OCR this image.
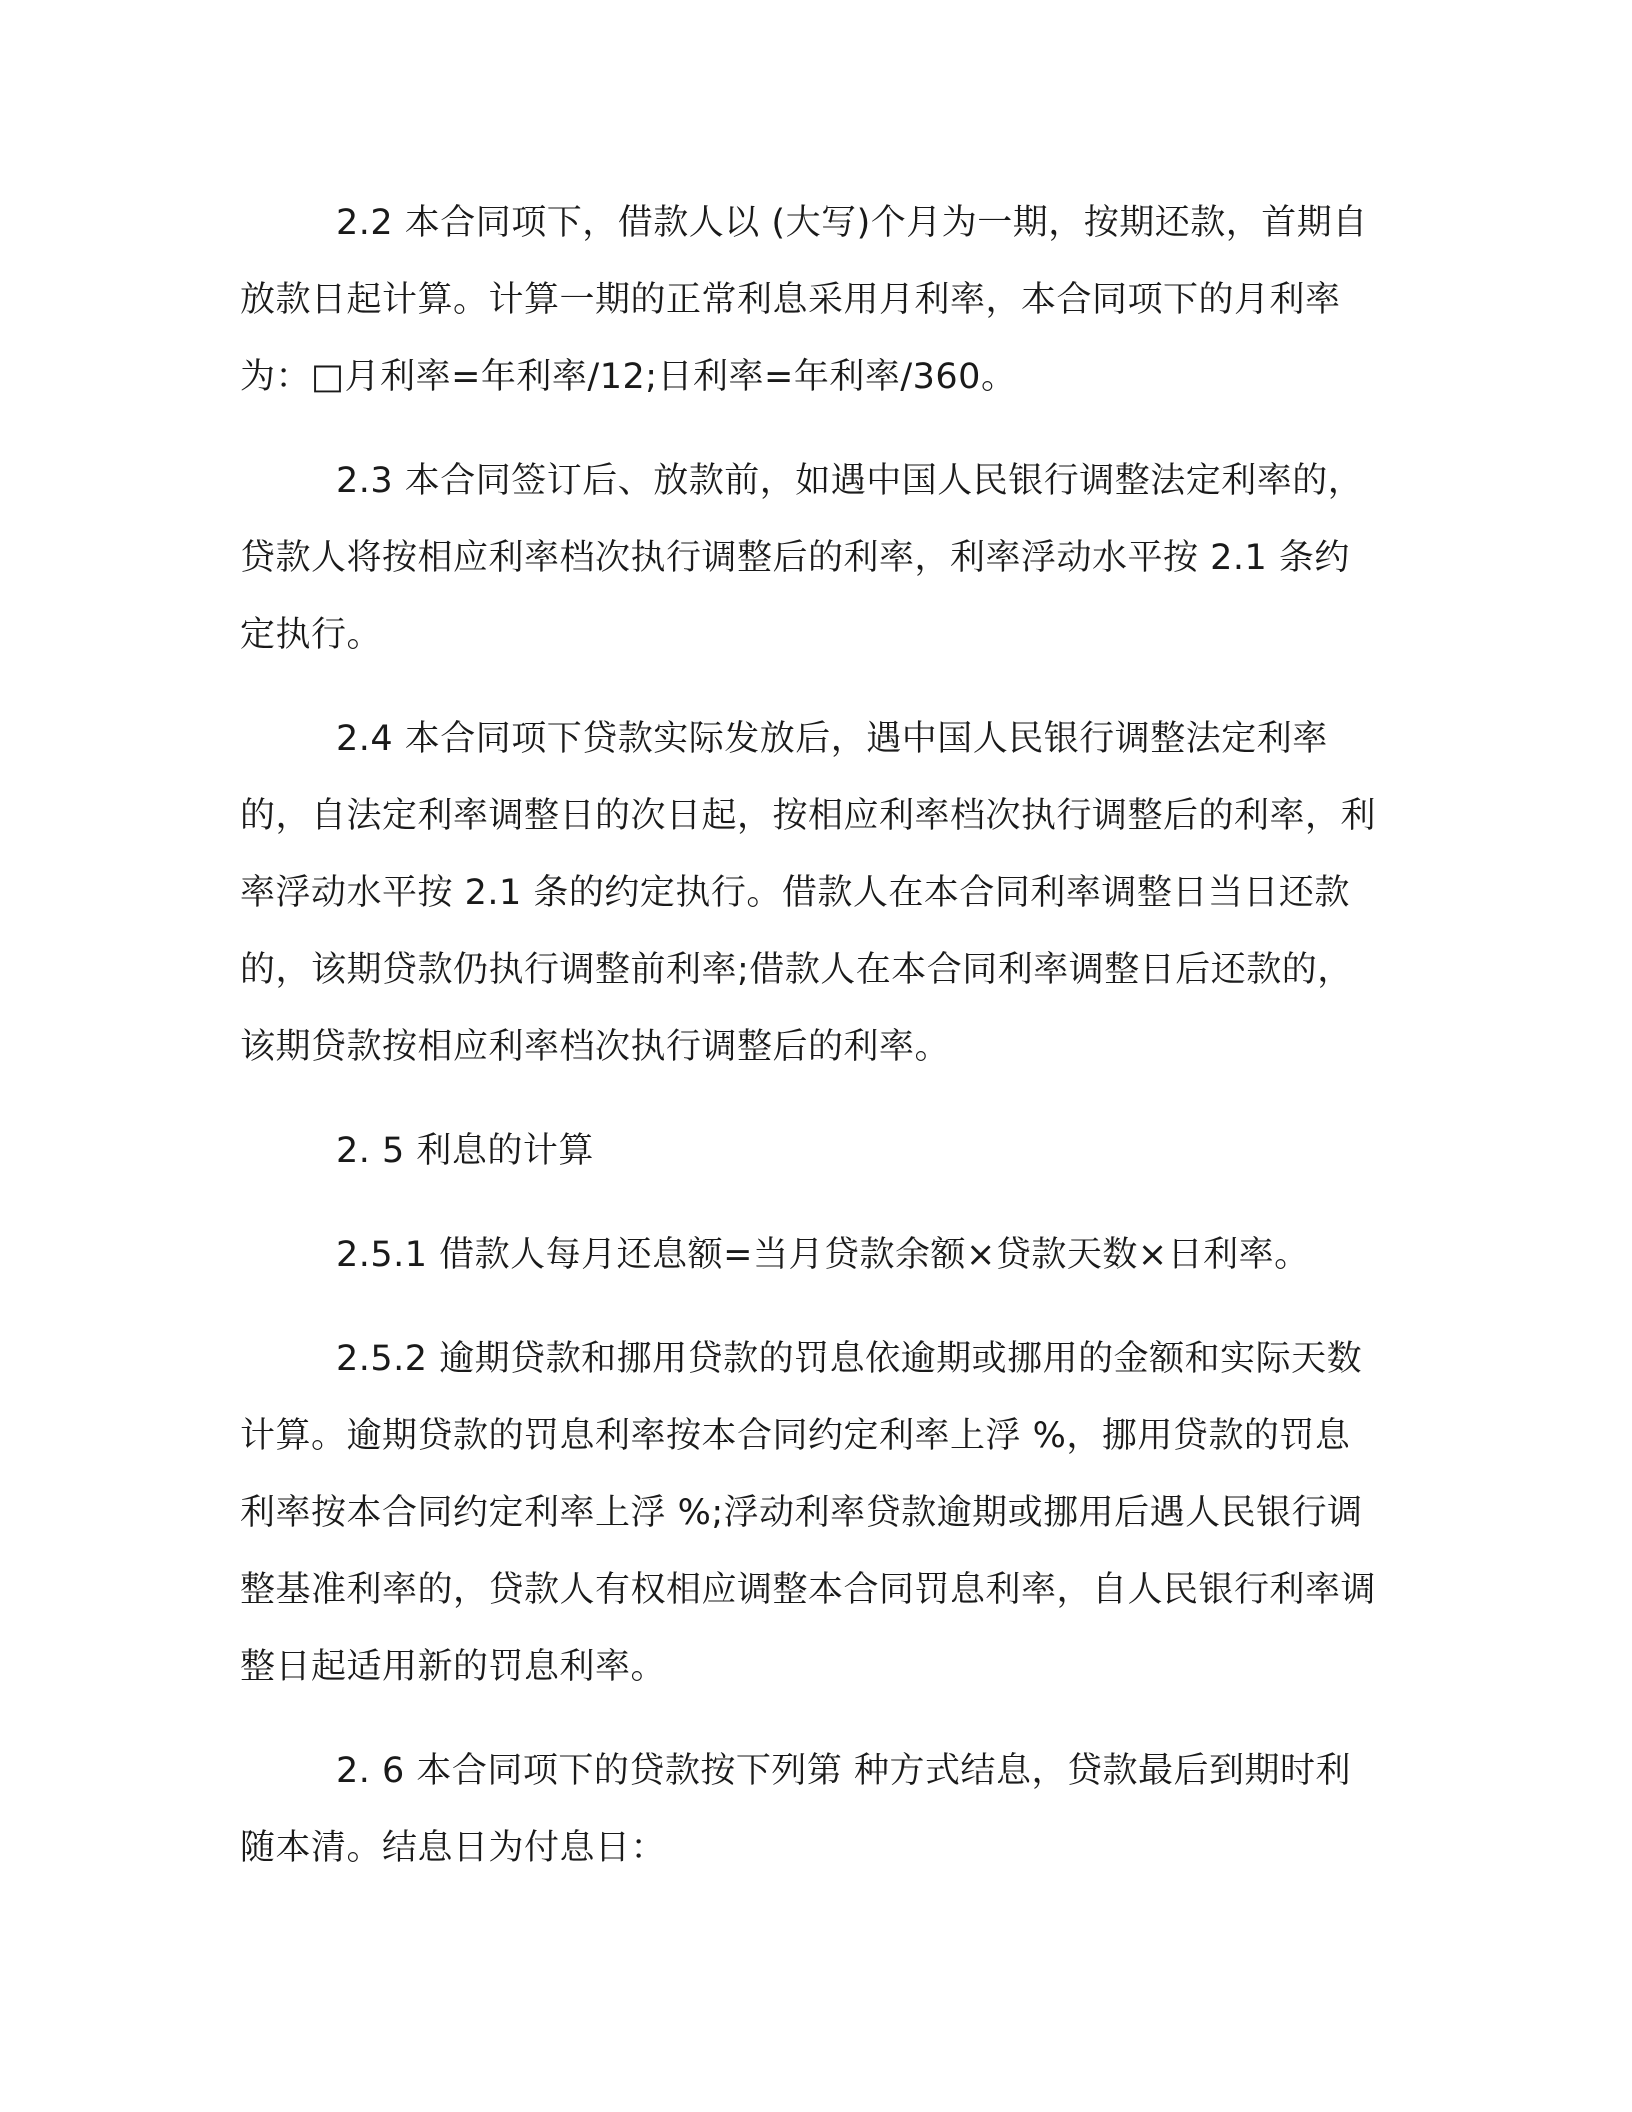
2.2 本合同项下，借款人以 (大写)个月为一期，按期还款，首期自放款日起计算。计算一期的正常利息采用月利率，本合同项下的月利率为：□月利率=年利率/12;日利率=年利率/360。

2.3 本合同签订后、放款前，如遇中国人民银行调整法定利率的，贷款人将按相应利率档次执行调整后的利率，利率浮动水平按 2.1 条约定执行。

2.4 本合同项下贷款实际发放后，遇中国人民银行调整法定利率的，自法定利率调整日的次日起，按相应利率档次执行调整后的利率，利率浮动水平按 2.1 条的约定执行。借款人在本合同利率调整日当日还款的，该期贷款仍执行调整前利率;借款人在本合同利率调整日后还款的，该期贷款按相应利率档次执行调整后的利率。

2. 5 利息的计算

2.5.1 借款人每月还息额=当月贷款余额×贷款天数×日利率。

2.5.2 逾期贷款和挪用贷款的罚息依逾期或挪用的金额和实际天数计算。逾期贷款的罚息利率按本合同约定利率上浮 %，挪用贷款的罚息利率按本合同约定利率上浮 %;浮动利率贷款逾期或挪用后遇人民银行调整基准利率的，贷款人有权相应调整本合同罚息利率，自人民银行利率调整日起适用新的罚息利率。

2. 6 本合同项下的贷款按下列第 种方式结息，贷款最后到期时利随本清。结息日为付息日：
